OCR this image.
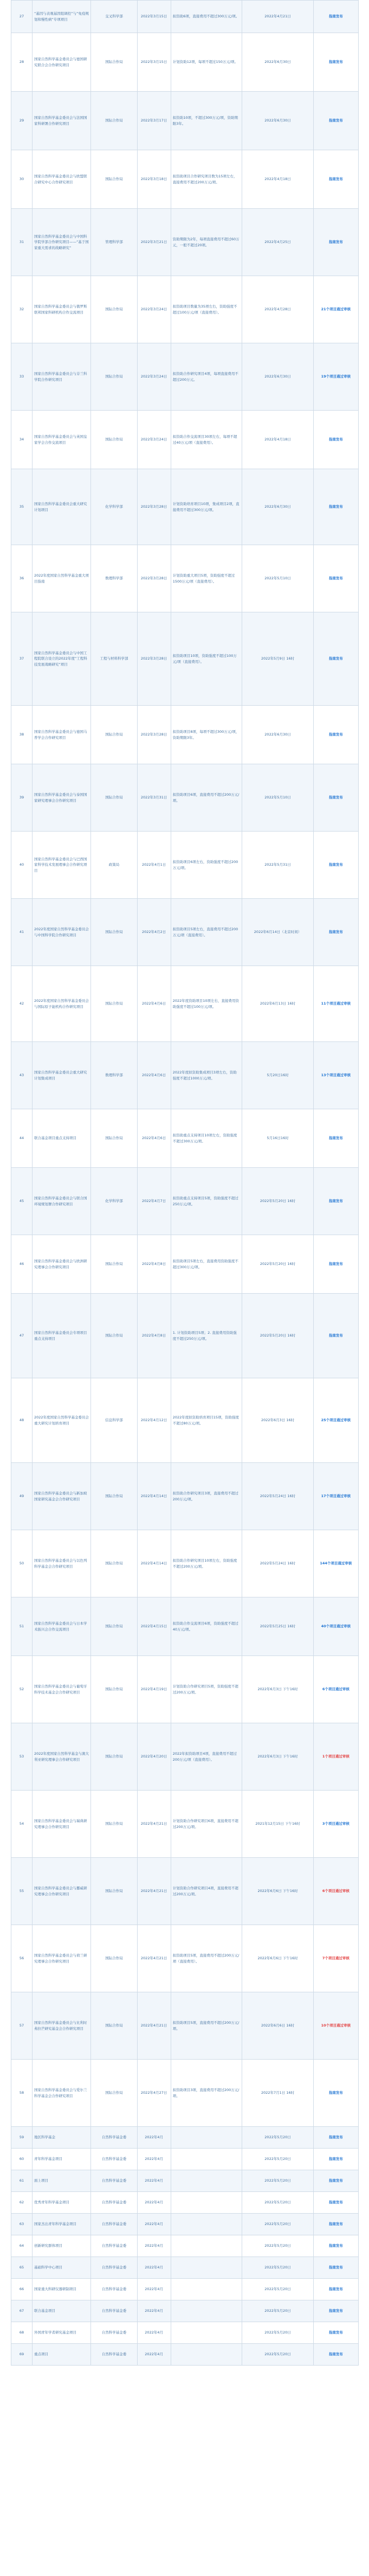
27	“基因与表观基因组调控”与“免疫规划和慢性病”专项项目	交叉科学部	2022年3月15日	拟资助6项，直接费用不超过300万元/项。	2022年4月21日	指南发布
28	国家自然科学基金委员会与德国研究联合会合作研究项目	国际合作局	2022年3月15日	计划资助12项，每项不超过150万元/项。	2022年6月30日	指南发布
29	国家自然科学基金委员会与法国国家科研署合作研究项目	国际合作局	2022年3月17日	拟资助10项，不超过300万元/项，资助期限3年。	2022年6月30日	指南发布
30	国家自然科学基金委员会与欧盟联合研究中心合作研究项目	国际合作局	2022年3月18日	拟资助项目合作研究项目数为15项左右，直接费用不超过200万元/项。	2022年4月18日	指南发布
31	国家自然科学基金委员会与中国科学院学部合作研究项目——“基于国家重大需求的战略研究”	管理科学部	2022年3月21日	资助期限为2年，每项直接费用不超过60万元，一般不超过20项。	2022年4月25日	指南发布
32	国家自然科学基金委员会与俄罗斯联邦国家科研机构合作交流项目	国际合作局	2022年3月24日	拟资助项目数量为35项左右，资助强度不超过100万元/项（直接费用）。	2022年4月28日	21个项目通过审核
33	国家自然科学基金委员会与芬兰科学院合作研究项目	国际合作局	2022年3月24日	拟资助合作研究项目4项，每项直接费用不超过200万元。	2022年6月30日	19个项目通过审核
34	国家自然科学基金委员会与英国皇家学会合作交流项目	国际合作局	2022年3月24日	拟资助合作交流项目30项左右，每项不超过40万元/项（直接费用）。	2022年4月18日	指南发布
35	国家自然科学基金委员会重大研究计划项目	化学科学部	2022年3月28日	计划资助培育项目10项，集成项目2项，直接费用不超过300万元/项。	2022年6月30日	指南发布
36	2022年度国家自然科学基金重大项目指南	数理科学部	2022年3月28日	计划资助重大项目5项，资助强度不超过1500万元/项（直接费用）。	2022年5月10日	指南发布
37	国家自然科学基金委员会与中国工程院联合设立的2022年度“工程科技发展战略研究”项目	工程与材料科学部	2022年3月28日	拟资助项目10项，资助强度不超过100万元/项（直接费用）。	2022年5月9日 16时	指南发布
38	国家自然科学基金委员会与德国马普学会合作研究项目	国际合作局	2022年3月28日	拟资助项目8项，每项不超过300万元/项，资助期限3年。	2022年6月30日	指南发布
39	国家自然科学基金委员会与泰国国家研究理事会合作研究项目	国际合作局	2022年3月31日	拟资助项目6项，直接费用不超过200万元/项。	2022年5月10日	指南发布
40	国家自然科学基金委员会与巴西国家科学技术发展理事会合作研究项目	政策局	2022年4月1日	拟资助项目6项左右，资助强度不超过200万元/项。	2022年5月31日	指南发布
41	2022年度国家自然科学基金委员会与中国科学院合作研究项目	国际合作局	2022年4月2日	拟资助项目5项左右，直接费用不超过200万元/项（直接费用）。	2022年6月14日（北京时间）	指南发布
42	2022年度国家自然科学基金委员会与国际原子能机构合作研究项目	国际合作局	2022年4月6日	2022年度资助项目10项左右，直接费用资助强度不超过100万元/项。	2022年6月13日 16时	11个项目通过审核
43	国家自然科学基金委员会重大研究计划集成项目	数理科学部	2022年4月6日	2022年度拟资助集成项目3项左右，资助强度不超过1000万元/项。	5月20日16时	13个项目通过审核
44	联合基金项目重点支持项目	国际合作局	2022年4月6日	拟资助重点支持项目10项左右，资助强度不超过300万元/项。	5月16日16时	指南发布
45	国家自然科学基金委员会与联合国环境规划署合作研究项目	化学科学部	2022年4月7日	拟资助重点支持项目5项，资助强度不超过250万元/项。	2022年5月20日 16时	指南发布
46	国家自然科学基金委员会与欧洲研究理事会合作研究项目	国际合作局	2022年4月8日	拟资助项目5项左右，直接费用资助强度不超过300万元/项。	2022年5月20日 16时	指南发布
47	国家自然科学基金委员会专项项目重点支持项目	国际合作局	2022年4月8日	1. 计划资助项目5项；2. 直接费用资助强度不超过250万元/项。	2022年5月20日 16时	指南发布
48	2022年度国家自然科学基金委员会重大研究计划培育项目	信息科学部	2022年4月12日	2022年度拟资助培育项目15项，资助强度不超过80万元/项。	2022年6月3日 16时	25个项目通过审核
49	国家自然科学基金委员会与新加坡国家研究基金会合作研究项目	国际合作局	2022年4月14日	拟资助合作研究项目3项，直接费用不超过200万元/项。	2022年5月24日 16时	17个项目通过审核
50	国家自然科学基金委员会与以色列科学基金会合作研究项目	国际合作局	2022年4月14日	拟资助合作研究项目10项左右，资助强度不超过200万元/项。	2022年5月24日 16时	144个项目通过审核
51	国家自然科学基金委员会与日本学术振兴会合作交流项目	国际合作局	2022年4月15日	拟资助合作交流项目6项，资助强度不超过40万元/项。	2022年5月25日 16时	40个项目通过审核
52	国家自然科学基金委员会与葡萄牙科学技术基金会合作研究项目	国际合作局	2022年4月19日	计划资助合作研究项目5项，资助强度不超过200万元/项。	2022年6月3日 下午16时	6个项目通过审核
53	2022年度国家自然科学基金与澳大利亚研究理事会合作研究项目	国际合作局	2022年4月20日	2022年拟资助项目4项，直接费用不超过200万元/项（直接费用）。	2022年6月3日 下午16时	1个项目通过审核
54	国家自然科学基金委员会与瑞典研究理事会合作研究项目	国际合作局	2022年4月21日	计划资助合作研究项目6项，直接费用不超过200万元/项。	2021年12月15日 下午16时	3个项目通过审核
55	国家自然科学基金委员会与挪威研究理事会合作研究项目	国际合作局	2022年4月21日	计划资助合作研究项目4项，直接费用不超过200万元/项。	2022年6月6日 下午16时	6个项目通过审核
56	国家自然科学基金委员会与荷兰研究理事会合作研究项目	国际合作局	2022年4月21日	拟资助项目5项，直接费用不超过200万元/项（直接费用）。	2022年6月6日 下午16时	7个项目通过审核
57	国家自然科学基金委员会与比利时弗拉芒研究基金会合作研究项目	国际合作局	2022年4月21日	拟资助项目5项，直接费用不超过200万元/项。	2022年6月6日 16时	10个项目通过审核
58	国家自然科学基金委员会与爱尔兰科学基金会合作研究项目	国际合作局	2022年4月27日	拟资助项目3项，直接费用不超过200万元/项。	2022年7月1日 16时	指南发布
59	地区科学基金	自然科学基金委	2022年4月		2022年5月20日	指南发布
60	青年科学基金项目	自然科学基金委	2022年4月		2022年5月20日	指南发布
61	面上项目	自然科学基金委	2022年4月		2022年5月20日	指南发布
62	优秀青年科学基金项目	自然科学基金委	2022年4月		2022年5月20日	指南发布
63	国家杰出青年科学基金项目	自然科学基金委	2022年4月		2022年5月20日	指南发布
64	创新研究群体项目	自然科学基金委	2022年4月		2022年5月20日	指南发布
65	基础科学中心项目	自然科学基金委	2022年4月		2022年5月20日	指南发布
66	国家重大科研仪器研制项目	自然科学基金委	2022年4月		2022年5月20日	指南发布
67	联合基金项目	自然科学基金委	2022年4月		2022年5月20日	指南发布
68	外国青年学者研究基金项目	自然科学基金委	2022年4月		2022年5月20日	指南发布
69	重点项目	自然科学基金委	2022年4月		2022年5月20日	指南发布
